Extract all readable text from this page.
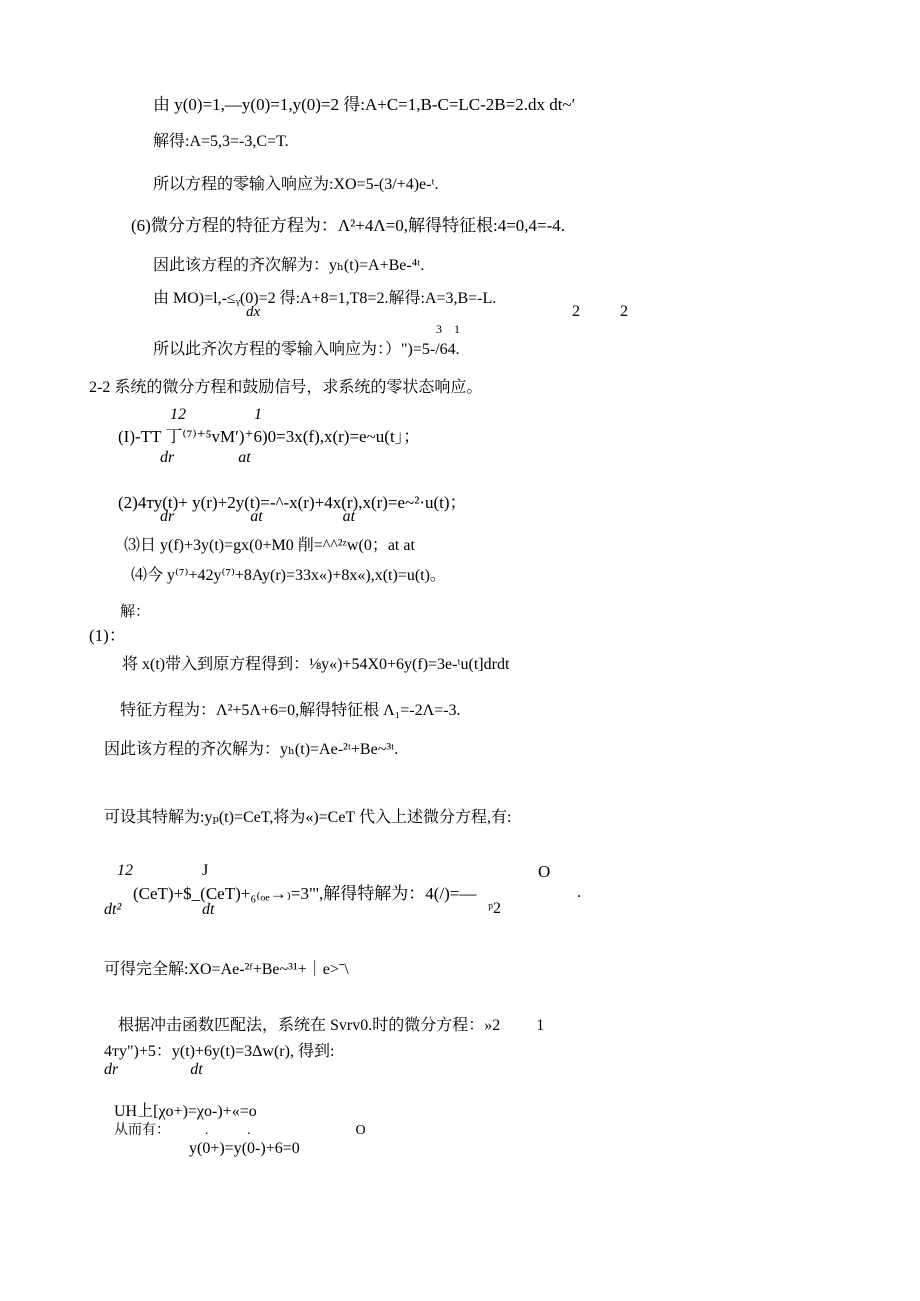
由 y(0)=1,—y(0)=1,y(0)=2 得:A+C=1,B-C=LC-2B=2.dx dt~′
解得:A=5,3=-3,C=T.
所以方程的零输入响应为:XO=5-(3/+4)e-ᵗ.
(6)微分方程的特征方程为：Λ²+4Λ=0,解得特征根:4=0,4=-4.
因此该方程的齐次解为：yₕ(t)=A+Be-⁴ᵗ.
由 MO)=l,-≤ᵧ(0)=2 得:A+8=1,T8=2.解得:A=3,B=-L.
dx	2          2
3    1
所以此齐次方程的零输入响应为：）")=5-/64.
2-2 系统的微分方程和鼓励信号，求系统的零状态响应。
12                 1
(I)-TT 丁⁽⁷⁾⁺⁵vM′)⁺6)0=3x(f),x(r)=e~u(t」；
dr                at
(2)4ᴛy(t)+ y(r)+2y(t)=-^-x(r)+4x(r),x(r)=e~²·u(t)；
dr                   at                    at
⑶日 y(f)+3y(t)=gx(0+M0 削=^^²ᶻw(0；at at
⑷今 y⁽⁷⁾+42y⁽⁷⁾+8Ay(r)=33x«)+8x«),x(t)=u(t)。
解：
(1)：
将 x(t)带入到原方程得到：⅛y«)+54X0+6y(f)=3e-ᵗu(t]drdt
特征方程为：Λ²+5Λ+6=0,解得特征根 Λ₁=-2Λ=-3.
因此该方程的齐次解为：yₕ(t)=Ae-²ᵗ+Be~³ᵗ.
可设其特解为:yₚ(t)=CeT,将为«)=CeT 代入上述微分方程,有:
12	J	O
(CeT)+$_(CeT)+₆₍ₒₑ→₎=3"',解得特解为：4(/)=—
ᵖ2
.
dt²	dt
可得完全解:XO=Ae-²ᶠ+Be~³¹+｜e>ˉ\
根据冲击函数匹配法，系统在 Svrv0.时的微分方程：»2         1
4ᴛy")+5：y(t)+6y(t)=3Δw(r), 得到:
dr                  dt
UH上[χo+)=χo-)+«=o
从而有：          .           .                              O
y(0+)=y(0-)+6=0
